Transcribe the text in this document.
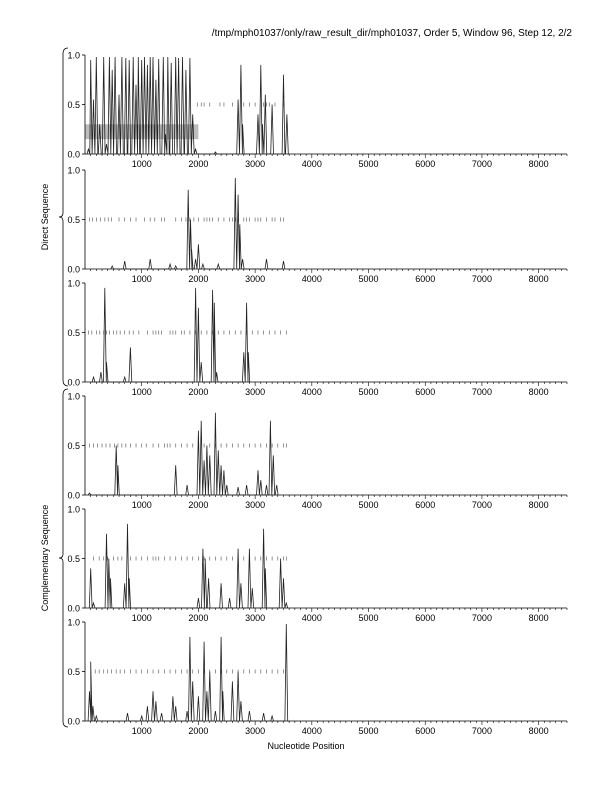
/tmp/mph01037/only/raw_result_dir/mph01037, Order 5, Window 96, Step 12, 2/2
0.0
0.5
1.0
1000	2000	3000	4000	5000	6000	7000	8000
0.0
0.5
1.0
1000	2000	3000	4000	5000	6000	7000	8000
0.0
0.5
1.0
1000	2000	3000	4000	5000	6000	7000	8000
0.0
0.5
1.0
1000	2000	3000	4000	5000	6000	7000	8000
0.0
0.5
1.0
1000	2000	3000	4000	5000	6000	7000	8000
0.0
0.5
1.0
1000	2000	3000	4000	5000	6000	7000	8000
Direct Sequence
Complementary Sequence
Nucleotide Position
